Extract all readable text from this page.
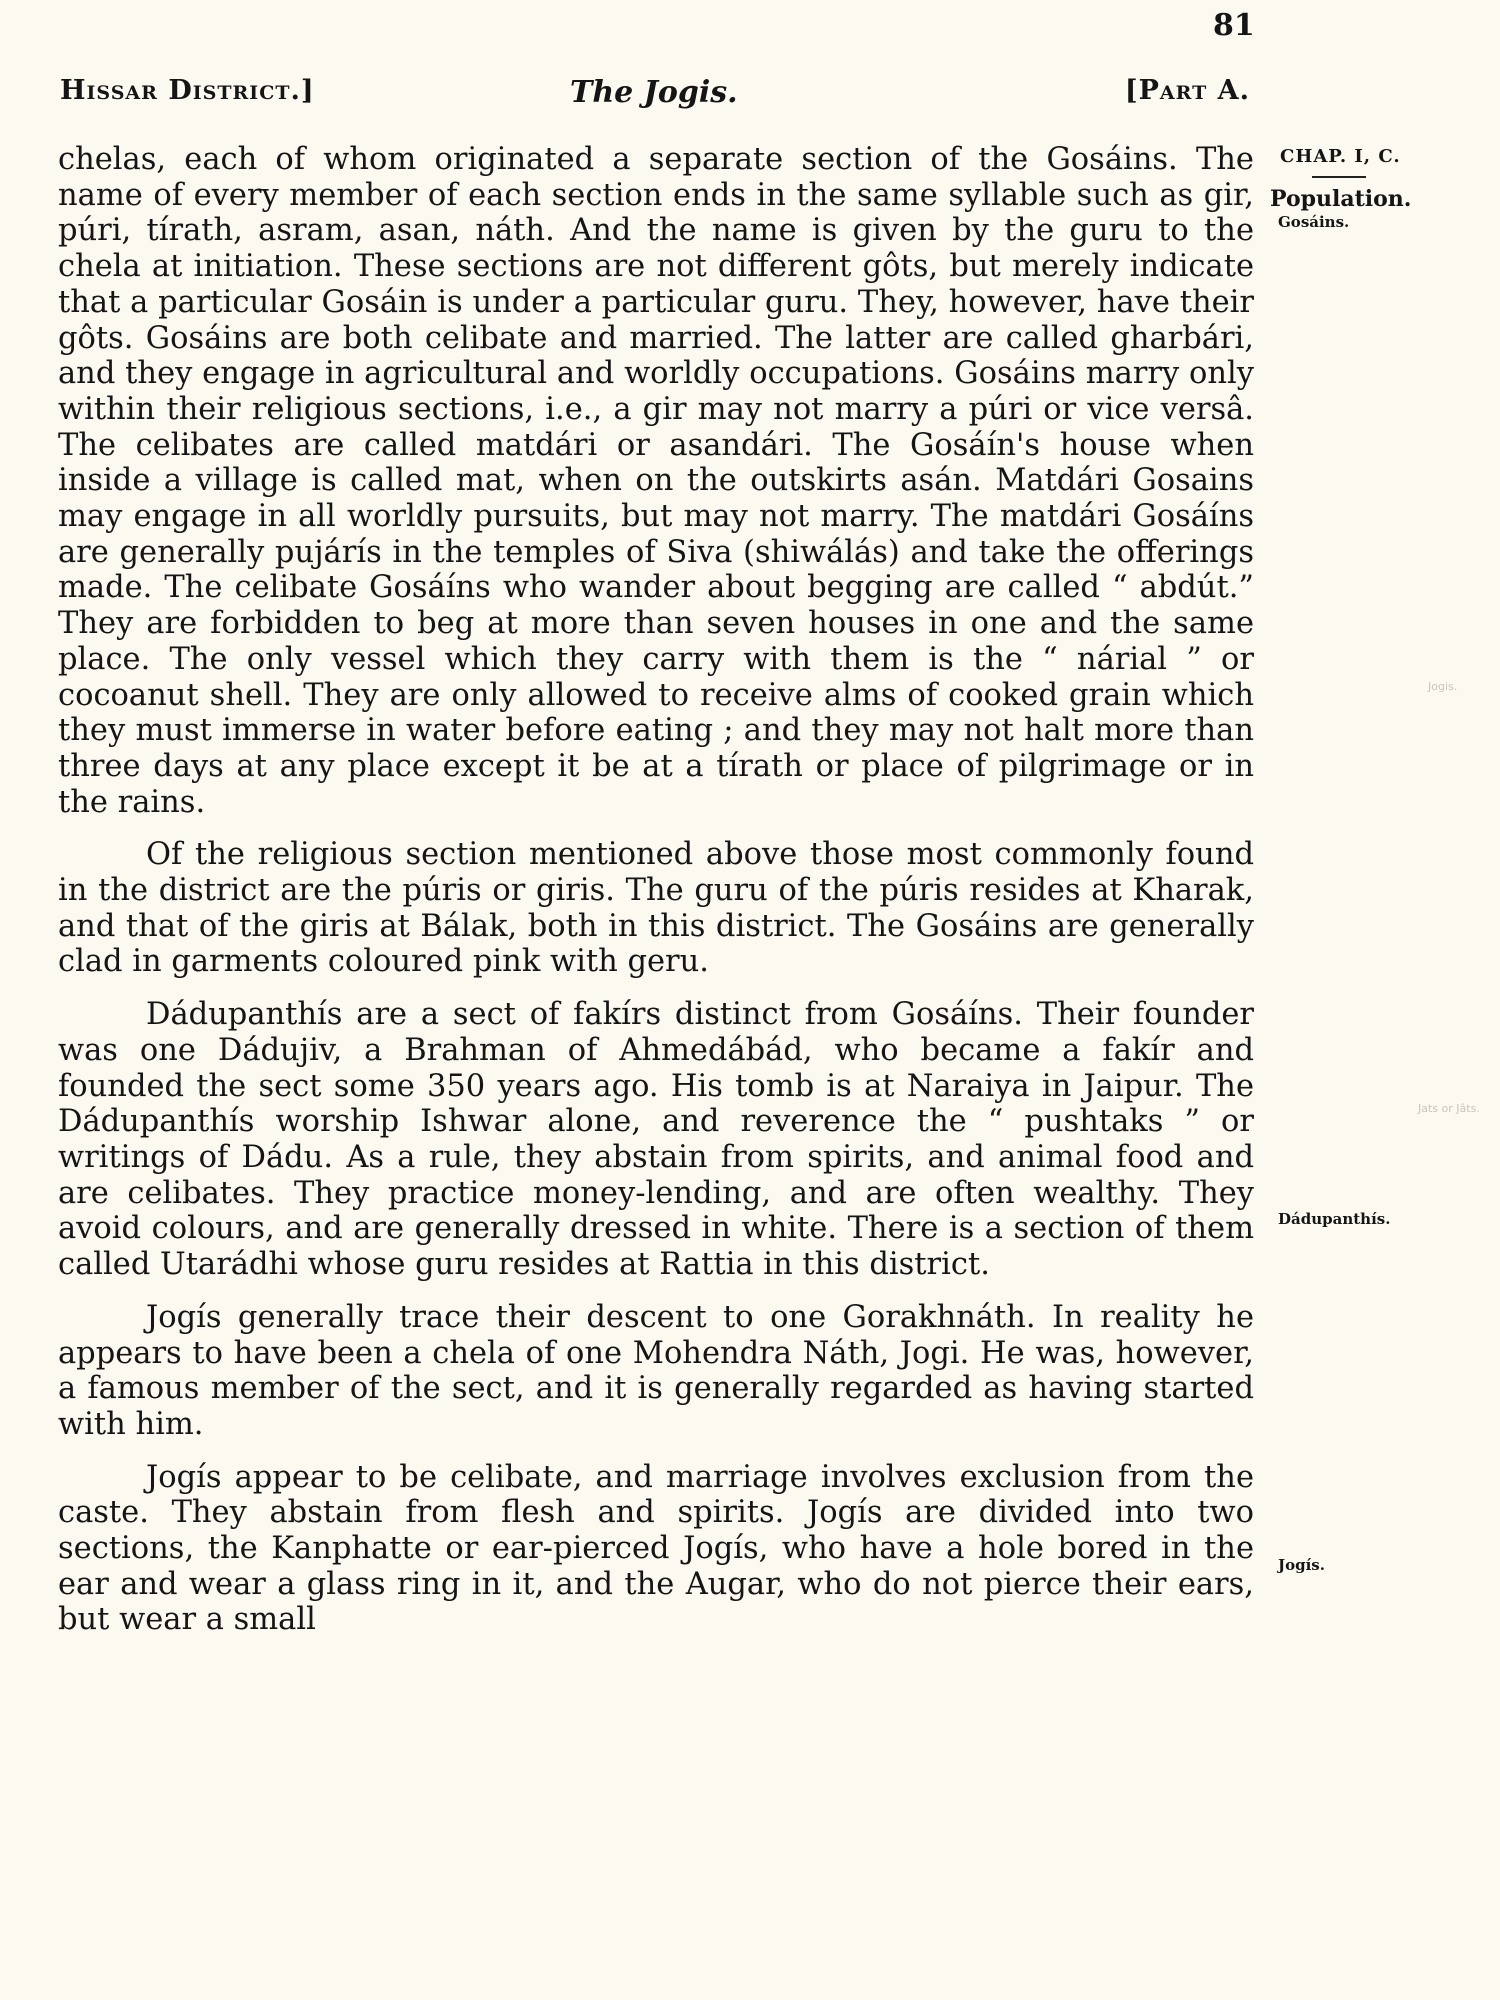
81
Hissar District.]	The Jogis.	[Part A.

chelas, each of whom originated a separate section of the Gosáins. The name of every member of each section ends in the same syllable such as gir, púri, tírath, asram, asan, náth. And the name is given by the guru to the chela at initiation. These sections are not different gôts, but merely indicate that a particular Gosáin is under a particular guru. They, however, have their gôts. Gosáins are both celibate and married. The latter are called gharbári, and they engage in agricultural and worldly occupations. Gosáins marry only within their religious sections, i.e., a gir may not marry a púri or vice versâ. The celibates are called matdári or asandári. The Gosáín's house when inside a village is called mat, when on the outskirts asán. Matdári Gosains may engage in all worldly pursuits, but may not marry. The matdári Gosáíns are generally pujárís in the temples of Siva (shiwálás) and take the offerings made. The celibate Gosáíns who wander about begging are called “ abdút.” They are forbidden to beg at more than seven houses in one and the same place. The only vessel which they carry with them is the “ nárial ” or cocoanut shell. They are only allowed to receive alms of cooked grain which they must immerse in water before eating ; and they may not halt more than three days at any place except it be at a tírath or place of pilgrimage or in the rains.

Of the religious section mentioned above those most commonly found in the district are the púris or giris. The guru of the púris resides at Kharak, and that of the giris at Bálak, both in this district. The Gosáins are generally clad in garments coloured pink with geru.

Dádupanthís are a sect of fakírs distinct from Gosáíns. Their founder was one Dádujiv, a Brahman of Ahmedábád, who became a fakír and founded the sect some 350 years ago. His tomb is at Naraiya in Jaipur. The Dádupanthís worship Ishwar alone, and reverence the “ pushtaks ” or writings of Dádu. As a rule, they abstain from spirits, and animal food and are celibates. They practice money-lending, and are often wealthy. They avoid colours, and are generally dressed in white. There is a section of them called Utarádhi whose guru resides at Rattia in this district.

Jogís generally trace their descent to one Gorakhnáth. In reality he appears to have been a chela of one Mohendra Náth, Jogi. He was, however, a famous member of the sect, and it is generally regarded as having started with him.

Jogís appear to be celibate, and marriage involves exclusion from the caste. They abstain from flesh and spirits. Jogís are divided into two sections, the Kanphatte or ear-pierced Jogís, who have a hole bored in the ear and wear a glass ring in it, and the Augar, who do not pierce their ears, but wear a small

CHAP. I, C.
Population.
Gosáins.
Dádupanthís.
Jogís.
Jogis.
Jats or Jâts.
